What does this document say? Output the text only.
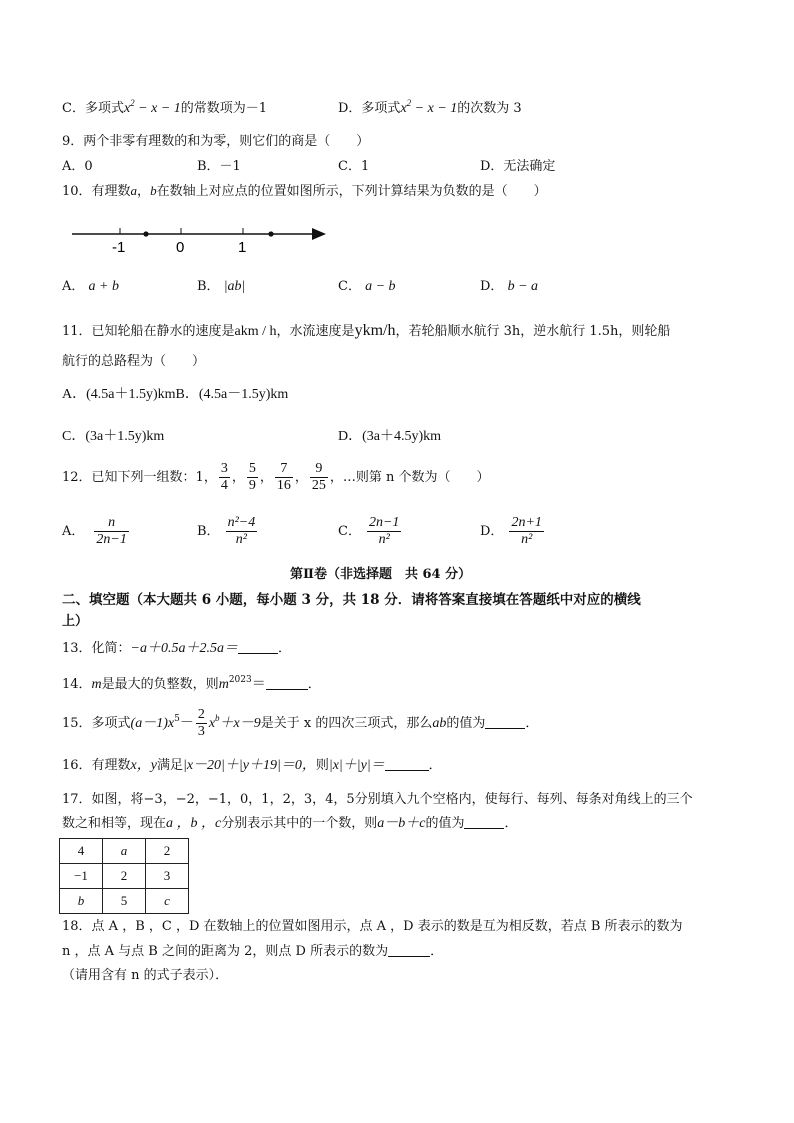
C．多项式$x^2 - x - 1$的常数项为－1	D．多项式$x^2 - x - 1$的次数为 3
9．两个非零有理数的和为零，则它们的商是（　　）
A．0	B．－1	C．1	D．无法确定
10．有理数a，b在数轴上对应点的位置如图所示，下列计算结果为负数的是（　　）
-1	0	1
A． a + b	B． |ab|	C． a − b	D． b − a
11．已知轮船在静水的速度是akm / h，水流速度是ykm/h，若轮船顺水航行 3h，逆水航行 1.5h，则轮船
航行的总路程为（　　）
A．(4.5a＋1.5y)kmB．(4.5a－1.5y)km
C．(3a＋1.5y)km	D．(3a＋4.5y)km
12．已知下列一组数：1， $\frac{3}{4}$ ， $\frac{5}{9}$ ， $\frac{7}{16}$ ， $\frac{9}{25}$ ，…则第 n 个数为（　　）
A． $\frac{n}{2n-1}$	B． $\frac{\text{n²−4}}{\text{n²}}$	C． $\frac{2n-1}{\text{n²}}$	D． $\frac{2n+1}{\text{n²}}$
第Ⅱ卷（非选择题　共 64 分）
二、填空题（本大题共 6 小题，每小题 3 分，共 18 分．请将答案直接填在答题纸中对应的横线
上）
13．化简：−a＋0.5a＋2.5a＝	．
14．m是最大的负整数，则$m^{2023}=$	．
15．多项式$(a-1)x^5- \frac{2}{3} x^b+x-9$是关于 x 的四次三项式，那么ab的值为	．
16．有理数x，y满足|x－20|＋|y＋19|＝0，则|x|＋|y|＝	．
17．如图，将−3，−2，−1，0，1，2，3，4，5分别填入九个空格内，使每行、每列、每条对角线上的三个
数之和相等，现在a ，b ，c分别表示其中的一个数，则a－b＋c的值为	．
4	a	2
−1	2	3
b	5	c
18．点 A ，B ，C ，D 在数轴上的位置如图用示，点 A ，D 表示的数是互为相反数，若点 B 所表示的数为
n ，点 A 与点 B 之间的距离为 2，则点 D 所表示的数为	．
（请用含有 n 的式子表示）．
